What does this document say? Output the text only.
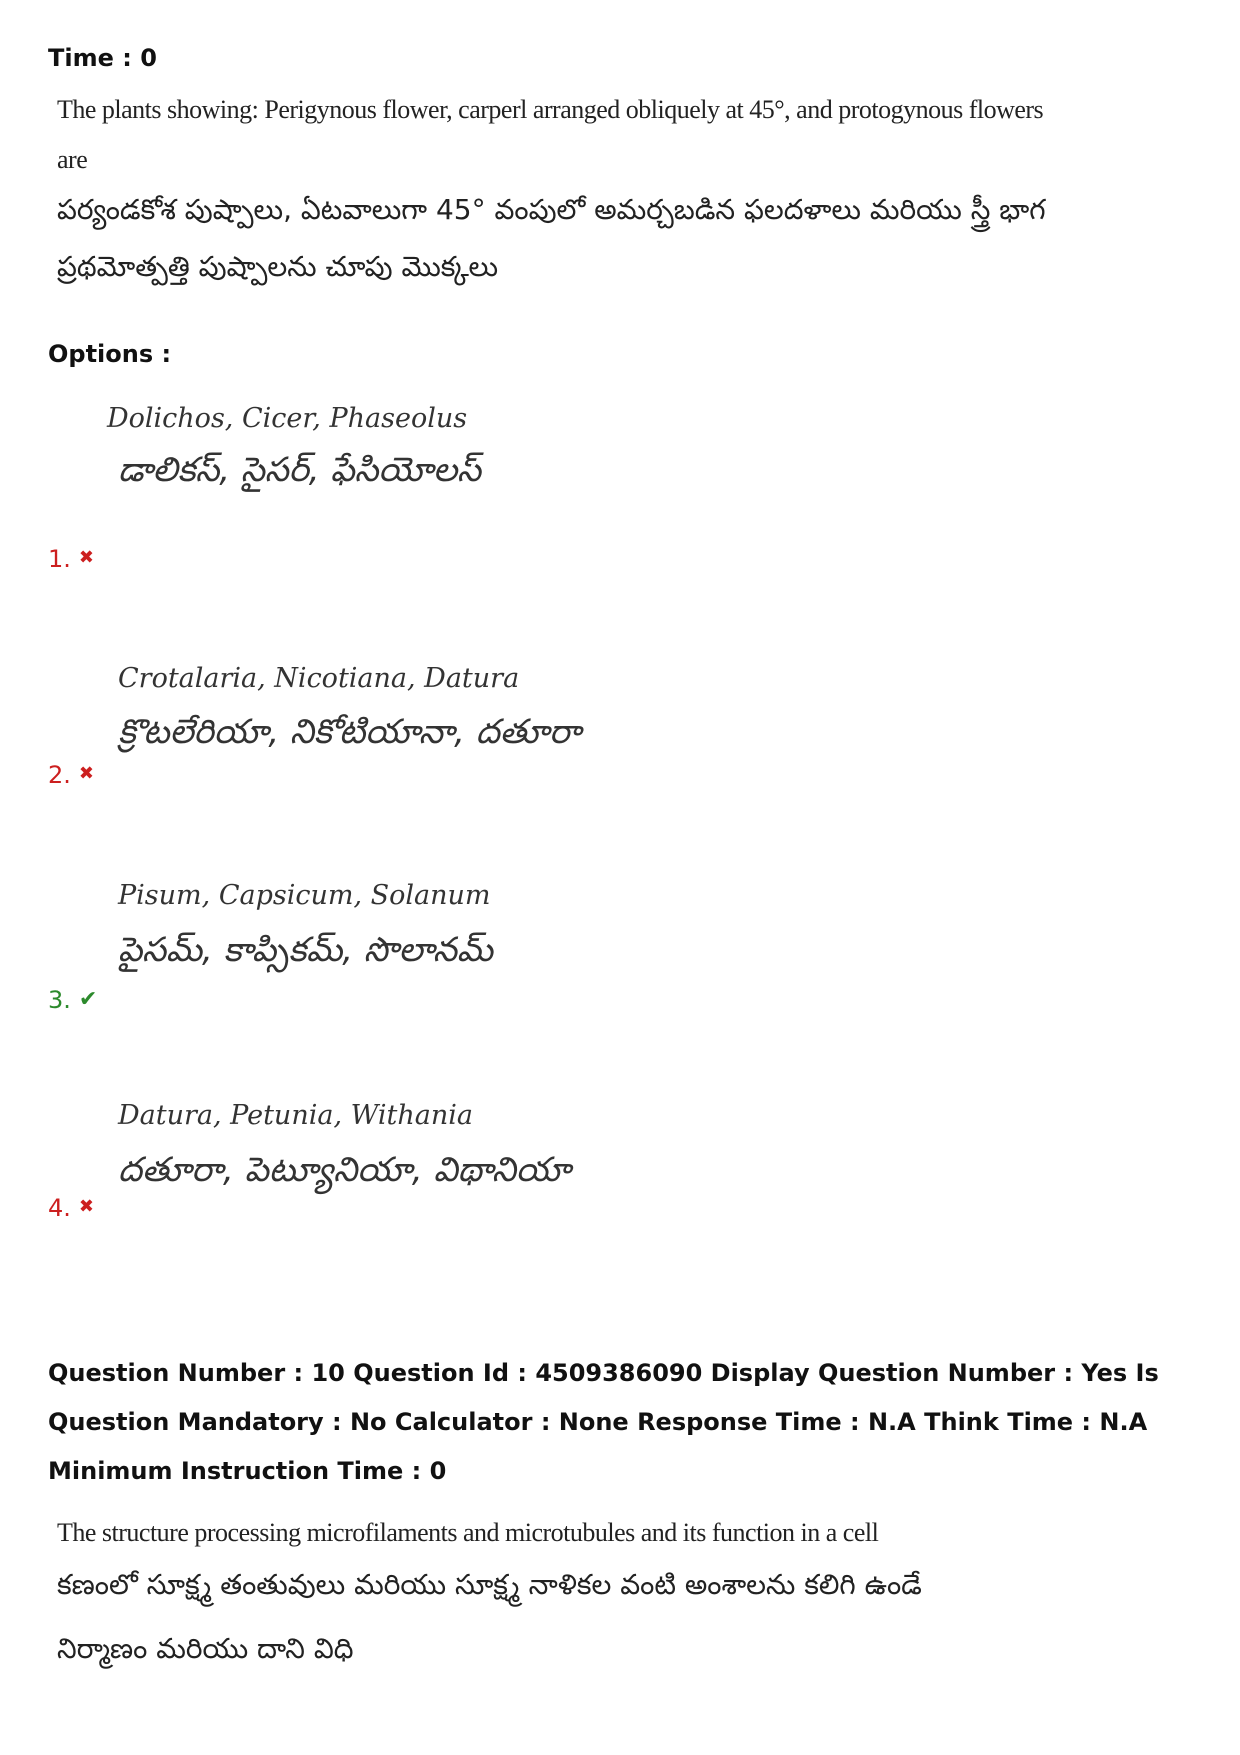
Time : 0
The plants showing: Perigynous flower, carperl arranged obliquely at 45°, and protogynous flowers
are
పర్యండకోశ పుష్పాలు, ఏటవాలుగా 45° వంపులో అమర్చబడిన ఫలదళాలు మరియు స్త్రీ భాగ
ప్రథమోత్పత్తి పుష్పాలను చూపు మొక్కలు
Options :
Dolichos, Cicer, Phaseolus
డాలికస్, సైసర్, ఫేసియోలస్
1. ✖
Crotalaria, Nicotiana, Datura
క్రొటలేరియా, నికోటియానా, దతూరా
2. ✖
Pisum, Capsicum, Solanum
పైసమ్, కాప్సికమ్, సొలానమ్
3. ✔
Datura, Petunia, Withania
దతూరా, పెట్యూనియా, విథానియా
4. ✖
Question Number : 10 Question Id : 4509386090 Display Question Number : Yes Is Question Mandatory : No Calculator : None Response Time : N.A Think Time : N.A Minimum Instruction Time : 0
The structure processing microfilaments and microtubules and its function in a cell
కణంలో సూక్ష్మ తంతువులు మరియు సూక్ష్మ నాళికల వంటి అంశాలను కలిగి ఉండే
నిర్మాణం మరియు దాని విధి
